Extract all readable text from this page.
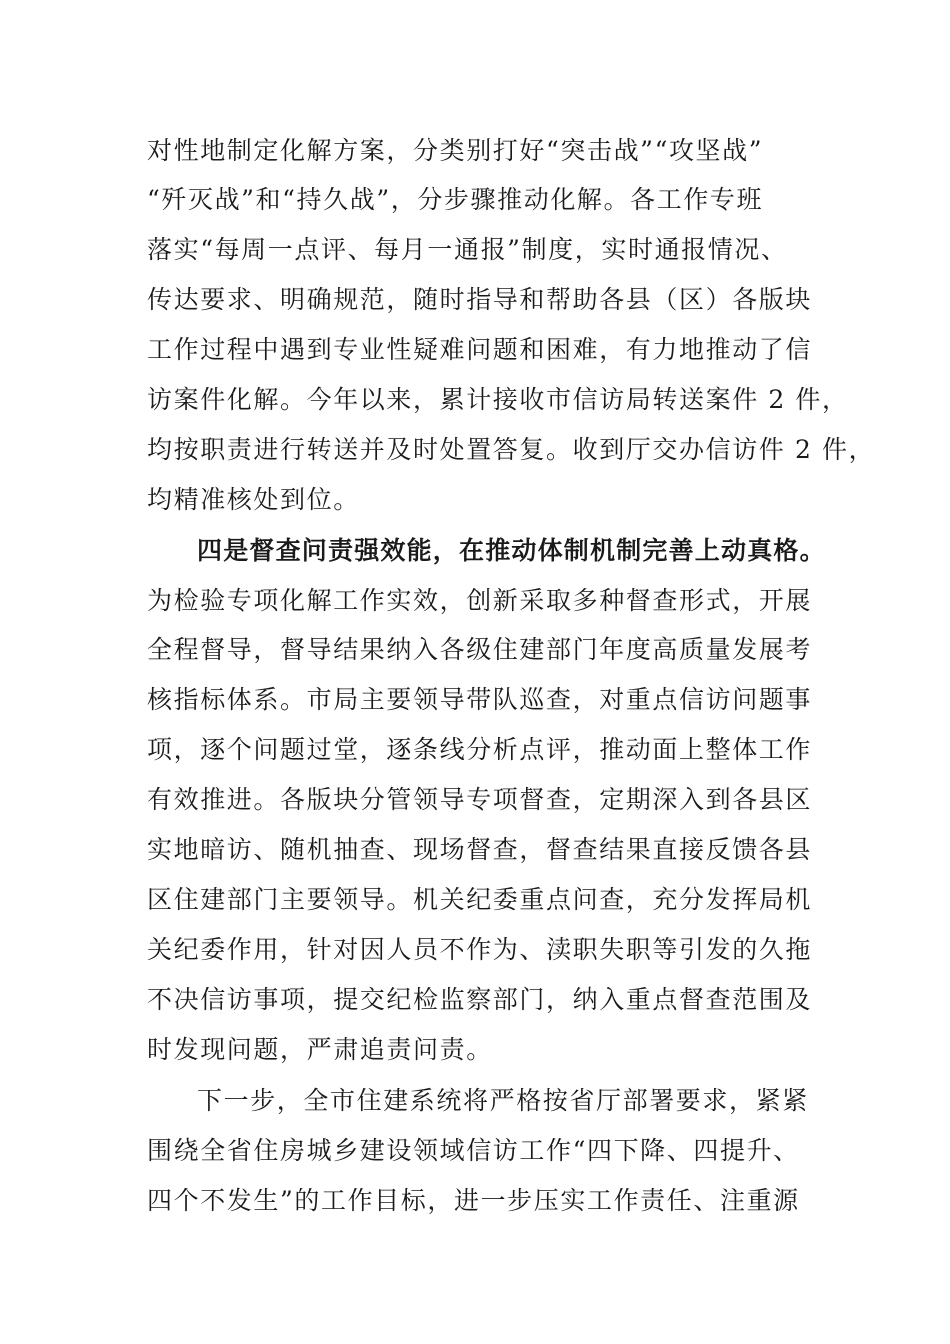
对性地制定化解方案，分类别打好“突击战”“攻坚战”
“歼灭战”和“持久战”，分步骤推动化解。各工作专班
落实“每周一点评、每月一通报”制度，实时通报情况、
传达要求、明确规范，随时指导和帮助各县（区）各版块
工作过程中遇到专业性疑难问题和困难，有力地推动了信
访案件化解。今年以来，累计接收市信访局转送案件 2 件，
均按职责进行转送并及时处置答复。收到厅交办信访件 2 件，
均精准核处到位。
四是督查问责强效能，在推动体制机制完善上动真格。
为检验专项化解工作实效，创新采取多种督查形式，开展
全程督导，督导结果纳入各级住建部门年度高质量发展考
核指标体系。市局主要领导带队巡查，对重点信访问题事
项，逐个问题过堂，逐条线分析点评，推动面上整体工作
有效推进。各版块分管领导专项督查，定期深入到各县区
实地暗访、随机抽查、现场督查，督查结果直接反馈各县
区住建部门主要领导。机关纪委重点问查，充分发挥局机
关纪委作用，针对因人员不作为、渎职失职等引发的久拖
不决信访事项，提交纪检监察部门，纳入重点督查范围及
时发现问题，严肃追责问责。
下一步，全市住建系统将严格按省厅部署要求，紧紧
围绕全省住房城乡建设领域信访工作“四下降、四提升、
四个不发生”的工作目标，进一步压实工作责任、注重源
